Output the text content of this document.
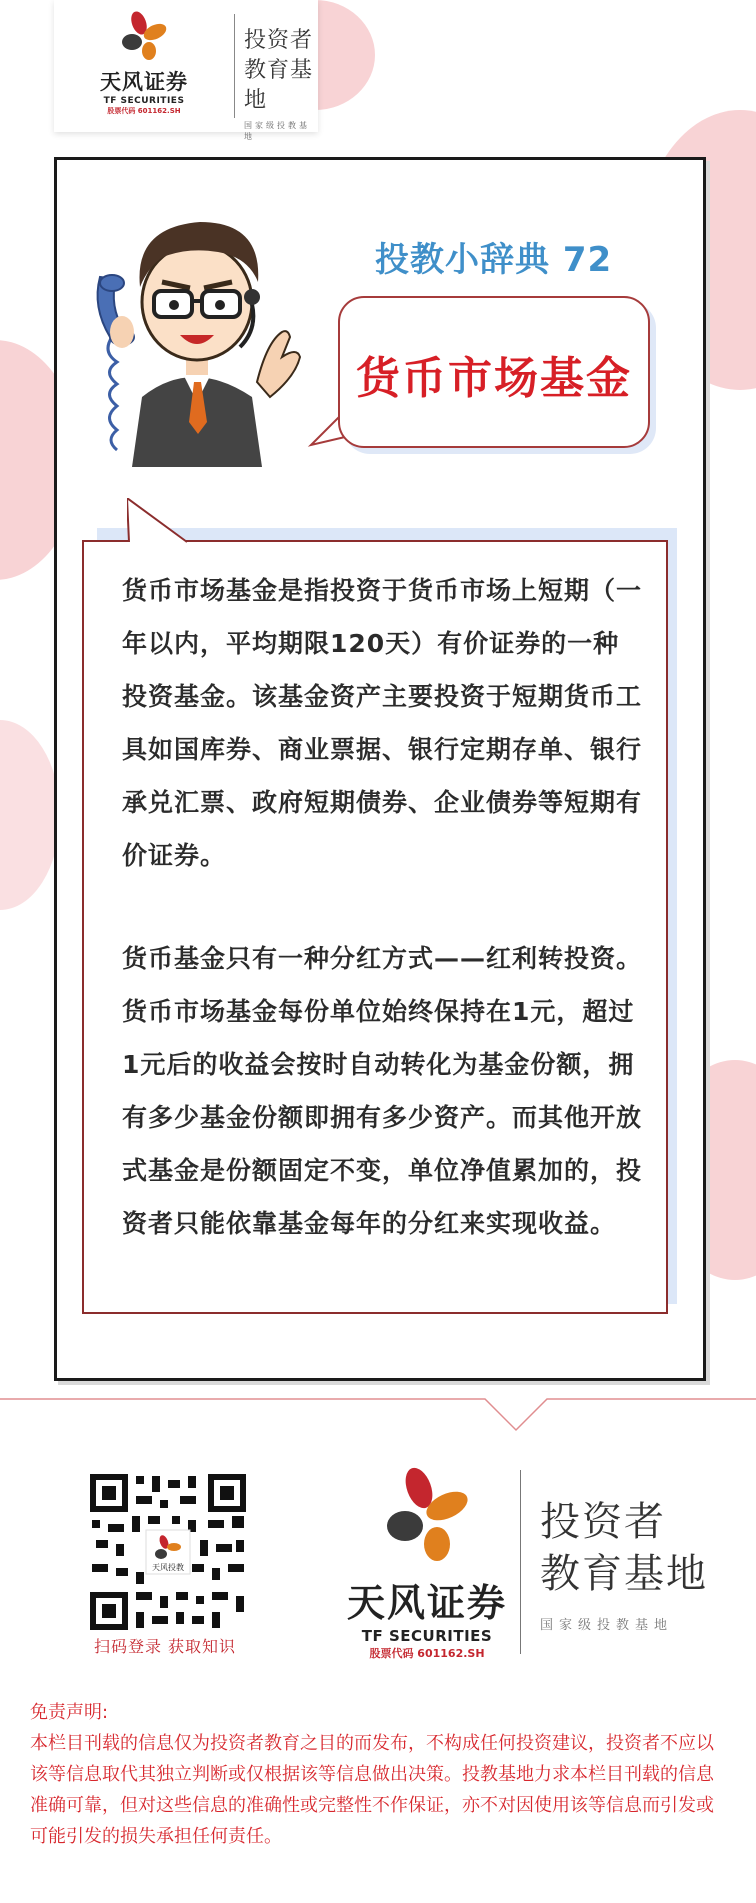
天风证券
TF SECURITIES
股票代码 601162.SH
投资者
教育基地
国家级投教基地
投教小辞典 72
货币市场基金

货币市场基金是指投资于货币市场上短期（一年以内，平均期限120天）有价证券的一种投资基金。该基金资产主要投资于短期货币工具如国库券、商业票据、银行定期存单、银行承兑汇票、政府短期债券、企业债券等短期有价证券。

货币基金只有一种分红方式——红利转投资。货币市场基金每份单位始终保持在1元，超过1元后的收益会按时自动转化为基金份额，拥有多少基金份额即拥有多少资产。而其他开放式基金是份额固定不变，单位净值累加的，投资者只能依靠基金每年的分红来实现收益。

天风投教
扫码登录 获取知识
天风证券
TF SECURITIES
股票代码 601162.SH
投资者
教育基地
国家级投教基地

免责声明:

本栏目刊载的信息仅为投资者教育之目的而发布，不构成任何投资建议，投资者不应以该等信息取代其独立判断或仅根据该等信息做出决策。投教基地力求本栏目刊载的信息准确可靠，但对这些信息的准确性或完整性不作保证，亦不对因使用该等信息而引发或可能引发的损失承担任何责任。
